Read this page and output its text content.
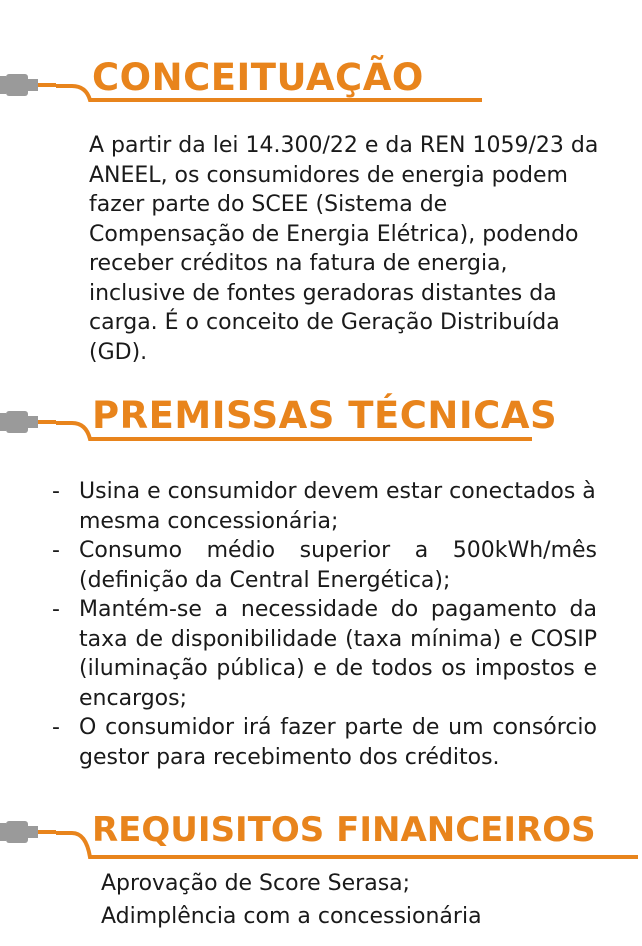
CONCEITUAÇÃO

A partir da lei 14.300/22 e da REN 1059/23 da ANEEL, os consumidores de energia podem fazer parte do SCEE (Sistema de Compensação de Energia Elétrica), podendo receber créditos na fatura de energia, inclusive de fontes geradoras distantes da carga. É o conceito de Geração Distribuída (GD).

PREMISSAS TÉCNICAS
- Usina e consumidor devem estar conectados à mesma concessionária;
- Consumo médio superior a 500kWh/mês (definição da Central Energética);
- Mantém-se a necessidade do pagamento da taxa de disponibilidade (taxa mínima) e COSIP (iluminação pública) e de todos os impostos e encargos;
- O consumidor irá fazer parte de um consórcio gestor para recebimento dos créditos.
REQUISITOS FINANCEIROS
Aprovação de Score Serasa;
Adimplência com a concessionária
